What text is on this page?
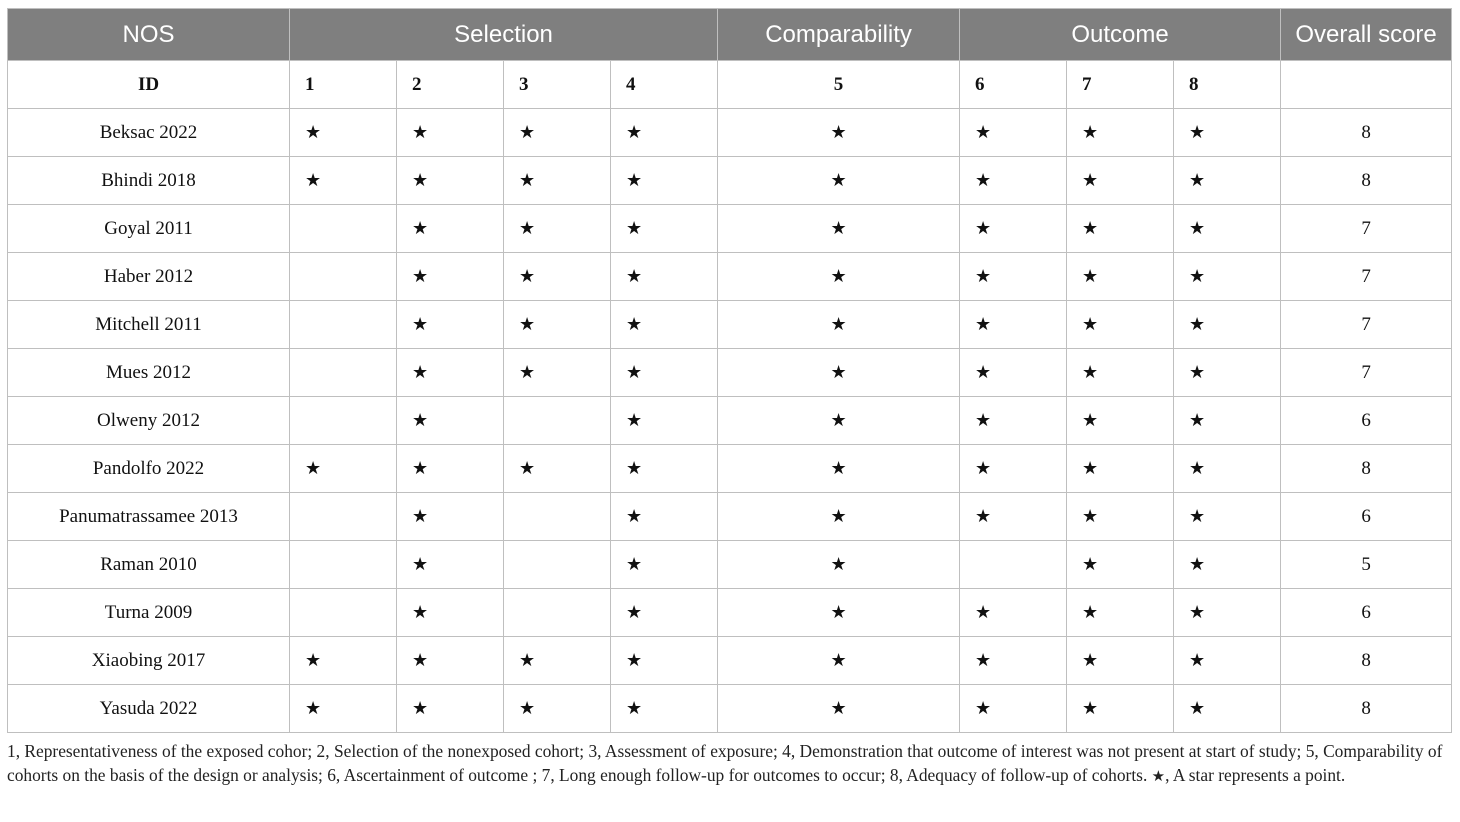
NOS	Selection				Comparability	Outcome			Overall score
ID	1	2	3	4	5	6	7	8	
Beksac 2022	★	★	★	★	★	★	★	★	8
Bhindi 2018	★	★	★	★	★	★	★	★	8
Goyal 2011		★	★	★	★	★	★	★	7
Haber 2012		★	★	★	★	★	★	★	7
Mitchell 2011		★	★	★	★	★	★	★	7
Mues 2012		★	★	★	★	★	★	★	7
Olweny 2012		★		★	★	★	★	★	6
Pandolfo 2022	★	★	★	★	★	★	★	★	8
Panumatrassamee 2013		★		★	★	★	★	★	6
Raman 2010		★		★	★		★	★	5
Turna 2009		★		★	★	★	★	★	6
Xiaobing 2017	★	★	★	★	★	★	★	★	8
Yasuda 2022	★	★	★	★	★	★	★	★	8
1, Representativeness of the exposed cohor; 2, Selection of the nonexposed cohort; 3, Assessment of exposure; 4, Demonstration that outcome of interest was not present at start of study; 5, Comparability of cohorts on the basis of the design or analysis; 6, Ascertainment of outcome ; 7, Long enough follow-up for outcomes to occur; 8, Adequacy of follow-up of cohorts. ★, A star represents a point.
